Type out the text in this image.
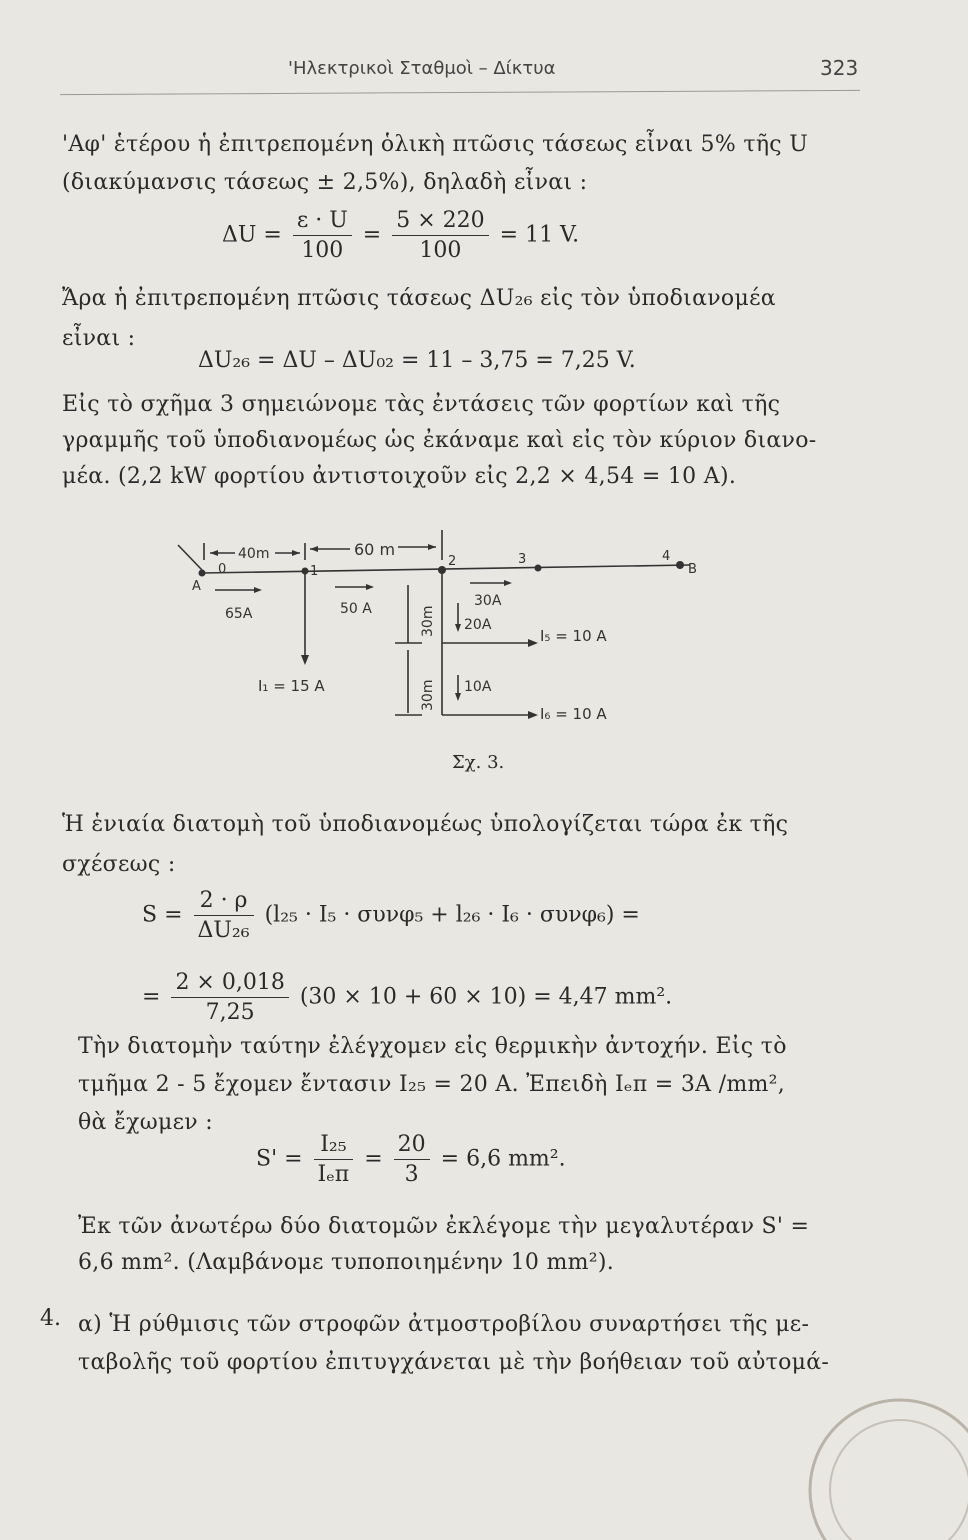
'Ηλεκτρικοὶ Σταθμοὶ – Δίκτυα	323
'Αφ' ἑτέρου ἡ ἐπιτρεπομένη ὁλικὴ πτῶσις τάσεως εἶναι 5% τῆς U
(διακύμανσις τάσεως ± 2,5%), δηλαδὴ εἶναι :
$\Delta U = \frac{\varepsilon \cdot U}{100} = \frac{5 \times 220}{100} = 11$ V.
Ἄρα ἡ ἐπιτρεπομένη πτῶσις τάσεως ΔU₂₆ εἰς τὸν ὑποδιανομέα
εἶναι :
ΔU₂₆ = ΔU – ΔU₀₂ = 11 – 3,75 = 7,25 V.
Εἰς τὸ σχῆμα 3 σημειώνομε τὰς ἐντάσεις τῶν φορτίων καὶ τῆς
γραμμῆς τοῦ ὑποδιανομέως ὡς ἐκάναμε καὶ εἰς τὸν κύριον διανο-
μέα. (2,2 kW φορτίου ἀντιστοιχοῦν εἰς 2,2 × 4,54 = 10 A).
40m	60 m
A
0	1
2	3	4
B
65A	50 A	30A
20A
10A
I₁ = 15 A
I₅ = 10 A
I₆ = 10 A
30m
30m
Σχ. 3.
Ἡ ἑνιαία διατομὴ τοῦ ὑποδιανομέως ὑπολογίζεται τώρα ἐκ τῆς
σχέσεως :
$S = \frac{2 \cdot \rho}{\text{ΔU₂₆}} (l_{25} \cdot I_5 \cdot \sigma\upsilon\nu\varphi_5 + l_{26} \cdot I_6 \cdot \sigma\upsilon\nu\varphi_6)$ =
= $\frac{2 \times 0,018}{7,25} (30 \times 10 + 60 \times 10) = 4,47$ mm².
Τὴν διατομὴν ταύτην ἐλέγχομεν εἰς θερμικὴν ἀντοχήν. Εἰς τὸ
τμῆμα 2 - 5 ἔχομεν ἔντασιν I₂₅ = 20 A. Ἐπειδὴ Iₑπ = 3A /mm²,
θὰ ἔχωμεν :
$S' = \frac{\text{I₂₅}}{\text{Iₑπ}} = \frac{20}{3} = 6,6$ mm².
Ἐκ τῶν ἀνωτέρω δύο διατομῶν ἐκλέγομε τὴν μεγαλυτέραν S' =
6,6 mm². (Λαμβάνομε τυποποιημένην 10 mm²).
4. α) Ἡ ρύθμισις τῶν στροφῶν ἀτμοστροβίλου συναρτήσει τῆς με-
ταβολῆς τοῦ φορτίου ἐπιτυγχάνεται μὲ τὴν βοήθειαν τοῦ αὐτομά-
